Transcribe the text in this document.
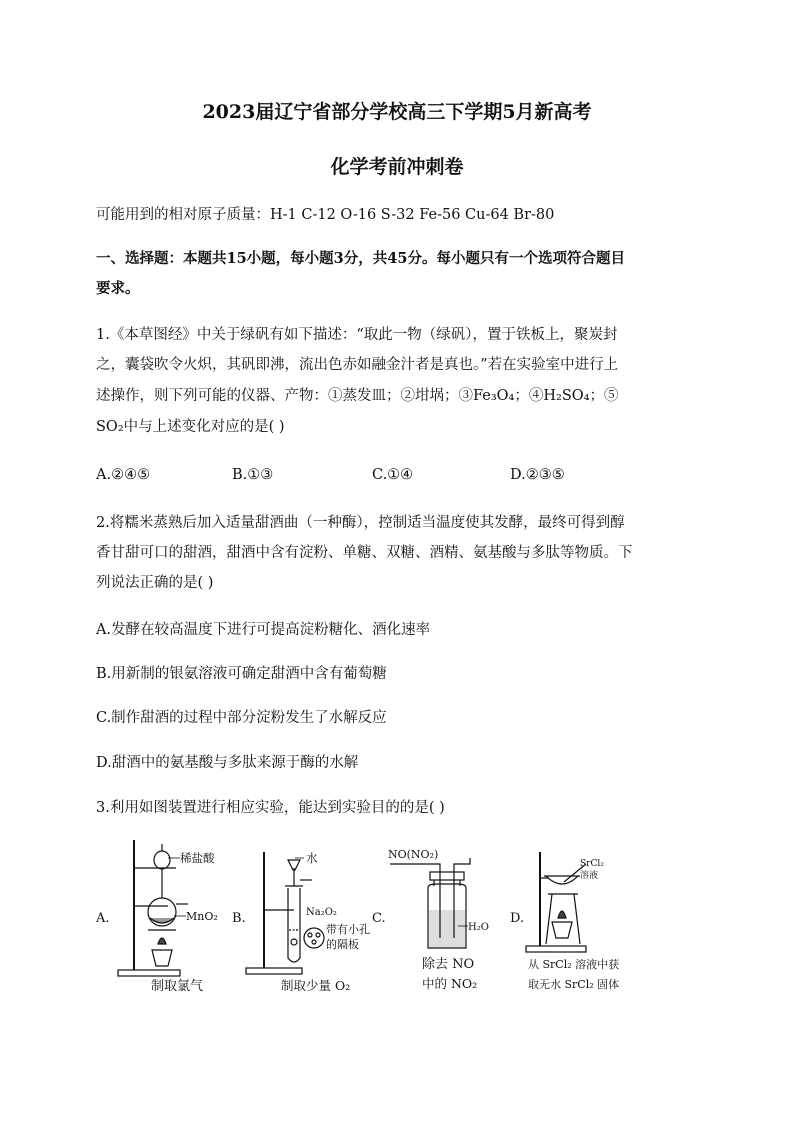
2023届辽宁省部分学校高三下学期5月新高考
化学考前冲刺卷
可能用到的相对原子质量：H-1 C-12 O-16 S-32 Fe-56 Cu-64 Br-80
一、选择题：本题共15小题，每小题3分，共45分。每小题只有一个选项符合题目
要求。
1.《本草图经》中关于绿矾有如下描述：“取此一物（绿矾），置于铁板上，聚炭封
之，囊袋吹令火炽，其矾即沸，流出色赤如融金汁者是真也。”若在实验室中进行上
述操作，则下列可能的仪器、产物：①蒸发皿；②坩埚；③Fe₃O₄；④H₂SO₄；⑤
SO₂中与上述变化对应的是( )
A.②④⑤	B.①③	C.①④	D.②③⑤
2.将糯米蒸熟后加入适量甜酒曲（一种酶），控制适当温度使其发酵，最终可得到醇
香甘甜可口的甜酒，甜酒中含有淀粉、单糖、双糖、酒精、氨基酸与多肽等物质。下
列说法正确的是( )
A.发酵在较高温度下进行可提高淀粉糖化、酒化速率
B.用新制的银氨溶液可确定甜酒中含有葡萄糖
C.制作甜酒的过程中部分淀粉发生了水解反应
D.甜酒中的氨基酸与多肽来源于酶的水解
3.利用如图装置进行相应实验，能达到实验目的的是( )
A.
稀盐酸
MnO₂
制取氯气
B.
水
Na₂O₂
带有小孔
的隔板
制取少量 O₂
C.
NO(NO₂)
H₂O
除去 NO
中的 NO₂
D.
SrCl₂
溶液
从 SrCl₂ 溶液中获
取无水 SrCl₂ 固体
